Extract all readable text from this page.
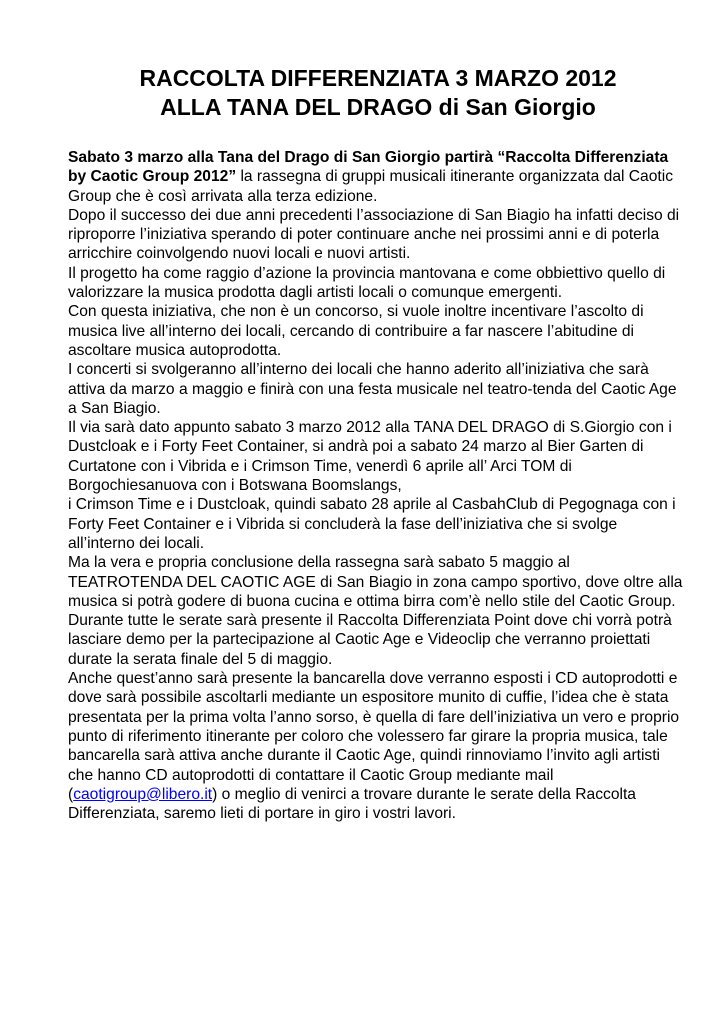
RACCOLTA DIFFERENZIATA 3 MARZO 2012
ALLA TANA DEL DRAGO di San Giorgio

Sabato 3 marzo alla Tana del Drago di San Giorgio partirà “Raccolta Differenziata by Caotic Group 2012” la rassegna di gruppi musicali itinerante organizzata dal Caotic Group che è così arrivata alla terza edizione.

Dopo il successo dei due anni precedenti l’associazione di San Biagio ha infatti deciso di riproporre l’iniziativa sperando di poter continuare anche nei prossimi anni e di poterla arricchire coinvolgendo nuovi locali e nuovi artisti.

Il progetto ha come raggio d’azione la provincia mantovana e come obbiettivo quello di valorizzare la musica prodotta dagli artisti locali o comunque emergenti.

Con questa iniziativa, che non è un concorso, si vuole inoltre incentivare l’ascolto di musica live all’interno dei locali, cercando di contribuire a far nascere l’abitudine di ascoltare musica autoprodotta.

I concerti si svolgeranno all’interno dei locali che hanno aderito all’iniziativa che sarà attiva da marzo a maggio e finirà con una festa musicale nel teatro-tenda del Caotic Age a San Biagio.

Il via sarà dato appunto sabato 3 marzo 2012 alla TANA DEL DRAGO di S.Giorgio con i Dustcloak e i Forty Feet Container, si andrà poi a sabato 24 marzo al Bier Garten di Curtatone con i Vibrida e i Crimson Time, venerdì 6 aprile all’ Arci TOM di Borgochiesanuova con i Botswana Boomslangs,

i Crimson Time e i Dustcloak, quindi sabato 28 aprile al CasbahClub di Pegognaga con i Forty Feet Container e i Vibrida si concluderà la fase dell’iniziativa che si svolge all’interno dei locali.

Ma la vera e propria conclusione della rassegna sarà sabato 5 maggio al TEATROTENDA DEL CAOTIC AGE di San Biagio in zona campo sportivo, dove oltre alla musica si potrà godere di buona cucina e ottima birra com’è nello stile del Caotic Group.

Durante tutte le serate sarà presente il Raccolta Differenziata Point dove chi vorrà potrà lasciare demo per la partecipazione al Caotic Age e Videoclip che verranno proiettati durate la serata finale del 5 di maggio.

Anche quest’anno sarà presente la bancarella dove verranno esposti i CD autoprodotti e dove sarà possibile ascoltarli mediante un espositore munito di cuffie, l’idea che è stata presentata per la prima volta l’anno sorso, è quella di fare dell’iniziativa un vero e proprio punto di riferimento itinerante per coloro che volessero far girare la propria musica, tale bancarella sarà attiva anche durante il Caotic Age, quindi rinnoviamo l’invito agli artisti che hanno CD autoprodotti di contattare il Caotic Group mediante mail (caotigroup@libero.it) o meglio di venirci a trovare durante le serate della Raccolta Differenziata, saremo lieti di portare in giro i vostri lavori.
